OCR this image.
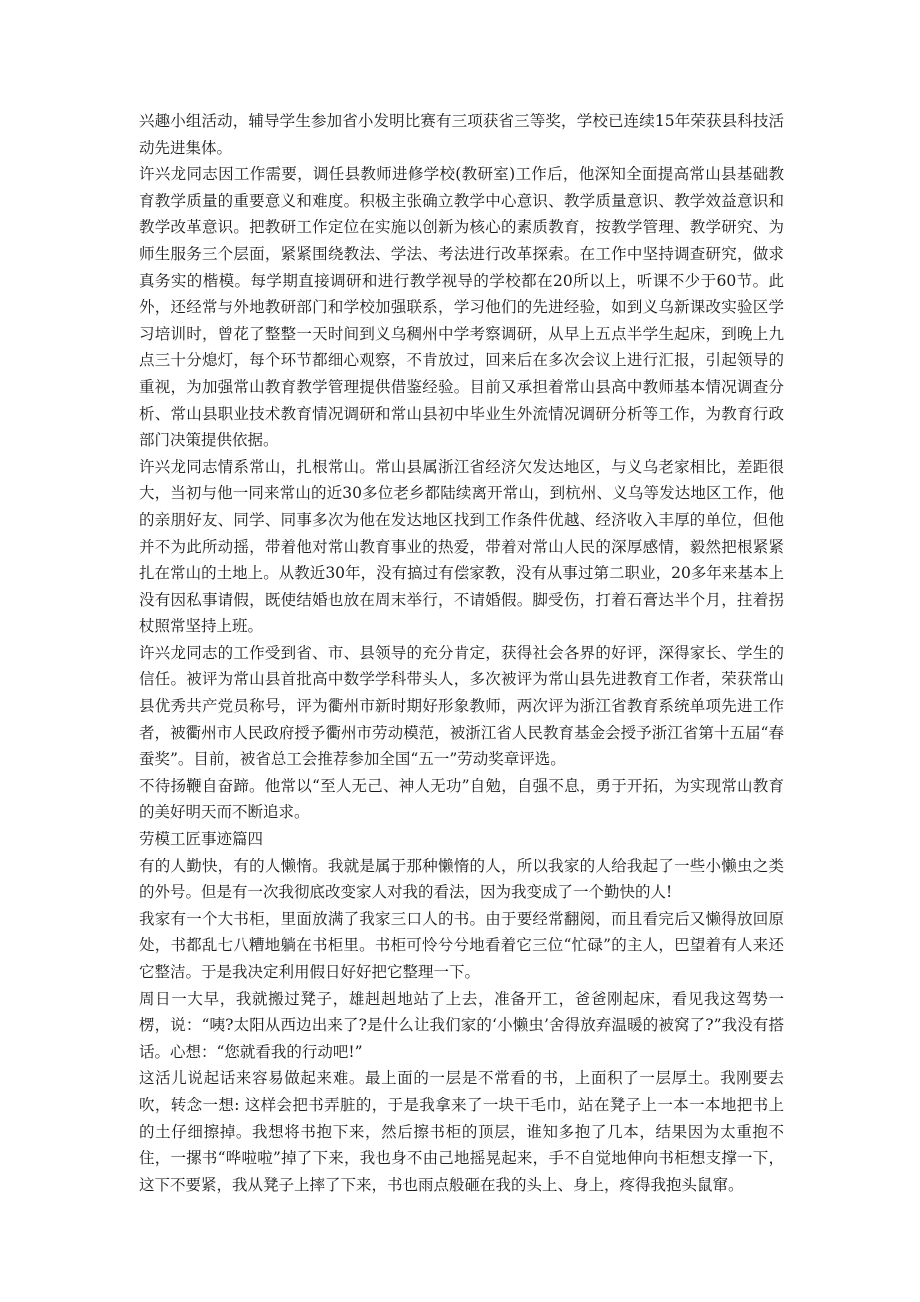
兴趣小组活动，辅导学生参加省小发明比赛有三项获省三等奖，学校已连续15年荣获县科技活动先进集体。

许兴龙同志因工作需要，调任县教师进修学校(教研室)工作后，他深知全面提高常山县基础教育教学质量的重要意义和难度。积极主张确立教学中心意识、教学质量意识、教学效益意识和教学改革意识。把教研工作定位在实施以创新为核心的素质教育，按教学管理、教学研究、为师生服务三个层面，紧紧围绕教法、学法、考法进行改革探索。在工作中坚持调查研究，做求真务实的楷模。每学期直接调研和进行教学视导的学校都在20所以上，听课不少于60节。此外，还经常与外地教研部门和学校加强联系，学习他们的先进经验，如到义乌新课改实验区学习培训时，曾花了整整一天时间到义乌稠州中学考察调研，从早上五点半学生起床，到晚上九点三十分熄灯，每个环节都细心观察，不肯放过，回来后在多次会议上进行汇报，引起领导的重视，为加强常山教育教学管理提供借鉴经验。目前又承担着常山县高中教师基本情况调查分析、常山县职业技术教育情况调研和常山县初中毕业生外流情况调研分析等工作，为教育行政部门决策提供依据。

许兴龙同志情系常山，扎根常山。常山县属浙江省经济欠发达地区，与义乌老家相比，差距很大，当初与他一同来常山的近30多位老乡都陆续离开常山，到杭州、义乌等发达地区工作，他的亲朋好友、同学、同事多次为他在发达地区找到工作条件优越、经济收入丰厚的单位，但他并不为此所动摇，带着他对常山教育事业的热爱，带着对常山人民的深厚感情，毅然把根紧紧扎在常山的土地上。从教近30年，没有搞过有偿家教，没有从事过第二职业，20多年来基本上没有因私事请假，既使结婚也放在周末举行，不请婚假。脚受伤，打着石膏达半个月，拄着拐杖照常坚持上班。

许兴龙同志的工作受到省、市、县领导的充分肯定，获得社会各界的好评，深得家长、学生的信任。被评为常山县首批高中数学学科带头人，多次被评为常山县先进教育工作者，荣获常山县优秀共产党员称号，评为衢州市新时期好形象教师，两次评为浙江省教育系统单项先进工作者，被衢州市人民政府授予衢州市劳动模范，被浙江省人民教育基金会授予浙江省第十五届“春蚕奖”。目前，被省总工会推荐参加全国“五一”劳动奖章评选。

不待扬鞭自奋蹄。他常以“至人无己、神人无功”自勉，自强不息，勇于开拓，为实现常山教育的美好明天而不断追求。

劳模工匠事迹篇四

有的人勤快，有的人懒惰。我就是属于那种懒惰的人，所以我家的人给我起了一些小懒虫之类的外号。但是有一次我彻底改变家人对我的看法，因为我变成了一个勤快的人!

我家有一个大书柜，里面放满了我家三口人的书。由于要经常翻阅，而且看完后又懒得放回原处，书都乱七八糟地躺在书柜里。书柜可怜兮兮地看着它三位“忙碌”的主人，巴望着有人来还它整洁。于是我决定利用假日好好把它整理一下。

周日一大早，我就搬过凳子，雄赳赳地站了上去，准备开工，爸爸刚起床，看见我这驾势一楞，说：“咦?太阳从西边出来了?是什么让我们家的‘小懒虫’舍得放弃温暖的被窝了?”我没有搭话。心想：“您就看我的行动吧!”

这活儿说起话来容易做起来难。最上面的一层是不常看的书，上面积了一层厚土。我刚要去吹，转念一想: 这样会把书弄脏的，于是我拿来了一块干毛巾，站在凳子上一本一本地把书上的土仔细擦掉。我想将书抱下来，然后擦书柜的顶层，谁知多抱了几本，结果因为太重抱不住，一摞书“哗啦啦”掉了下来，我也身不由己地摇晃起来，手不自觉地伸向书柜想支撑一下，这下不要紧，我从凳子上摔了下来，书也雨点般砸在我的头上、身上，疼得我抱头鼠窜。
